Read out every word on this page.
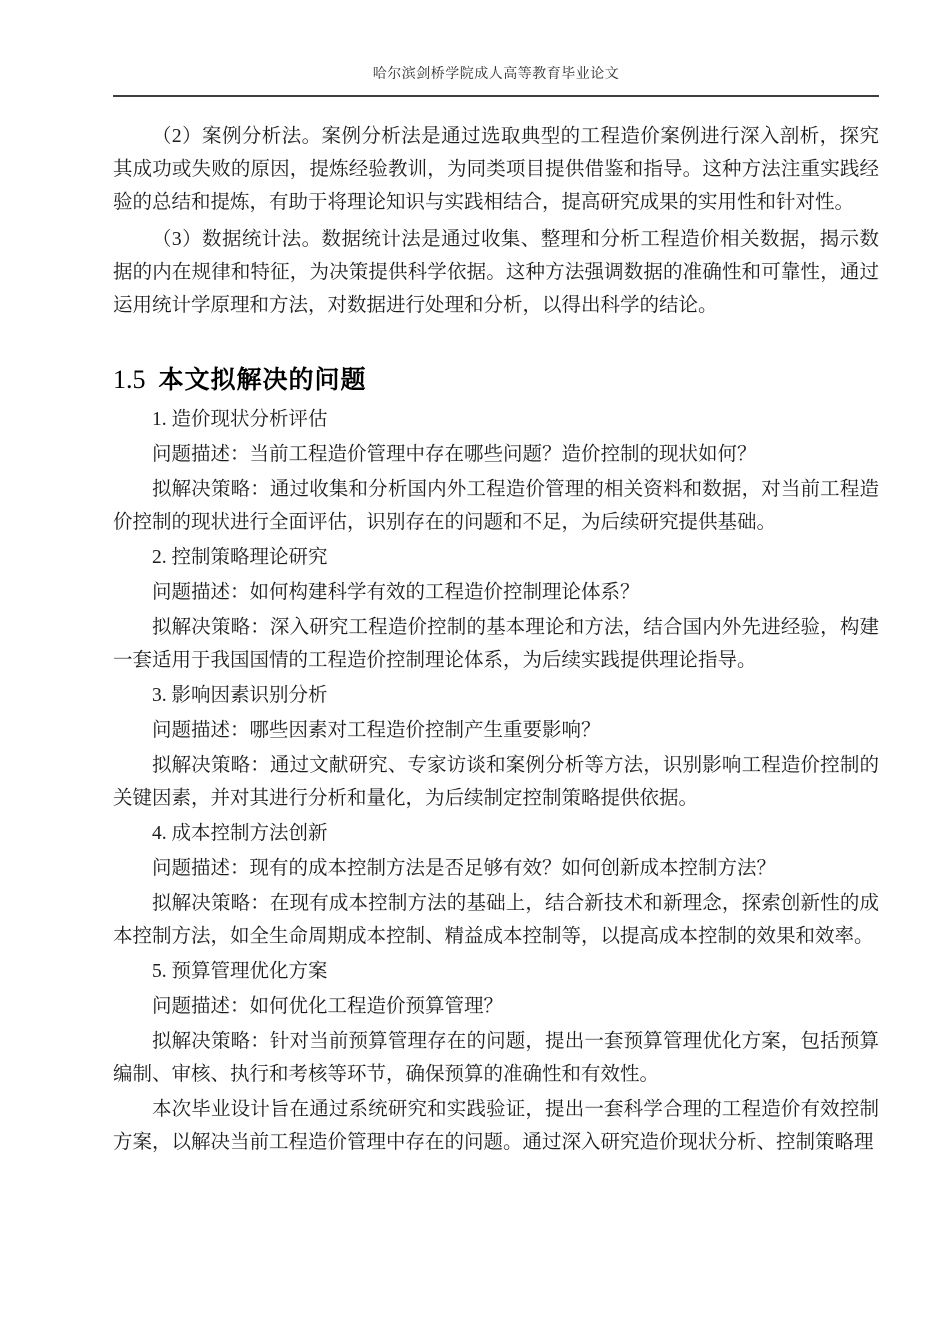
哈尔滨剑桥学院成人高等教育毕业论文

（2）案例分析法。案例分析法是通过选取典型的工程造价案例进行深入剖析，探究其成功或失败的原因，提炼经验教训，为同类项目提供借鉴和指导。这种方法注重实践经验的总结和提炼，有助于将理论知识与实践相结合，提高研究成果的实用性和针对性。

（3）数据统计法。数据统计法是通过收集、整理和分析工程造价相关数据，揭示数据的内在规律和特征，为决策提供科学依据。这种方法强调数据的准确性和可靠性，通过运用统计学原理和方法，对数据进行处理和分析，以得出科学的结论。

1.5 本文拟解决的问题

1. 造价现状分析评估

问题描述：当前工程造价管理中存在哪些问题？造价控制的现状如何？

拟解决策略：通过收集和分析国内外工程造价管理的相关资料和数据，对当前工程造价控制的现状进行全面评估，识别存在的问题和不足，为后续研究提供基础。

2. 控制策略理论研究

问题描述：如何构建科学有效的工程造价控制理论体系？

拟解决策略：深入研究工程造价控制的基本理论和方法，结合国内外先进经验，构建一套适用于我国国情的工程造价控制理论体系，为后续实践提供理论指导。

3. 影响因素识别分析

问题描述：哪些因素对工程造价控制产生重要影响？

拟解决策略：通过文献研究、专家访谈和案例分析等方法，识别影响工程造价控制的关键因素，并对其进行分析和量化，为后续制定控制策略提供依据。

4. 成本控制方法创新

问题描述：现有的成本控制方法是否足够有效？如何创新成本控制方法？

拟解决策略：在现有成本控制方法的基础上，结合新技术和新理念，探索创新性的成本控制方法，如全生命周期成本控制、精益成本控制等，以提高成本控制的效果和效率。

5. 预算管理优化方案

问题描述：如何优化工程造价预算管理？

拟解决策略：针对当前预算管理存在的问题，提出一套预算管理优化方案，包括预算编制、审核、执行和考核等环节，确保预算的准确性和有效性。

本次毕业设计旨在通过系统研究和实践验证，提出一套科学合理的工程造价有效控制方案，以解决当前工程造价管理中存在的问题。通过深入研究造价现状分析、控制策略理
